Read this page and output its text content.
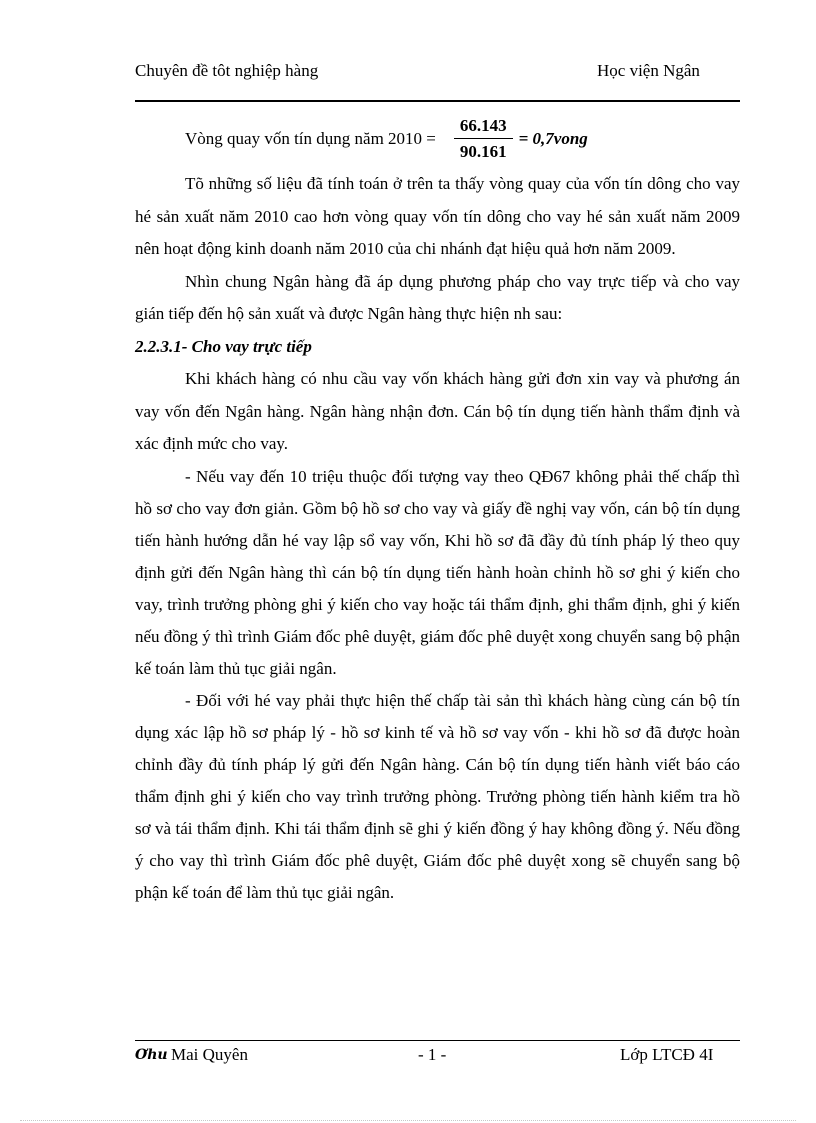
Chuyên đề tôt nghiệp hàng	Học viện Ngân
Vòng quay vốn tín dụng năm $2010 = \frac{66.143}{90.161}$ = 0,7vong

Tõ những số liệu đã tính toán ở trên ta thấy vòng quay của vốn tín dông cho vay hé sản xuất năm 2010 cao hơn vòng quay vốn tín dông cho vay hé sản xuất năm 2009 nên hoạt động kinh doanh năm 2010 của chi nhánh đạt hiệu quả hơn năm 2009.

Nhìn chung Ngân hàng đã áp dụng phương pháp cho vay trực tiếp và cho vay gián tiếp đến hộ sản xuất và được Ngân hàng thực hiện nh sau:

2.2.3.1- Cho vay trực tiếp

Khi khách hàng có nhu cầu vay vốn khách hàng gửi đơn xin vay và phương án vay vốn đến Ngân hàng. Ngân hàng nhận đơn. Cán bộ tín dụng tiến hành thẩm định và xác định mức cho vay.

- Nếu vay đến 10 triệu thuộc đối tượng vay theo QĐ67 không phải thế chấp thì hồ sơ cho vay đơn giản. Gồm bộ hồ sơ cho vay và giấy đề nghị vay vốn, cán bộ tín dụng tiến hành hướng dẫn hé vay lập sổ vay vốn, Khi hồ sơ đã đầy đủ tính pháp lý theo quy định gửi đến Ngân hàng thì cán bộ tín dụng tiến hành hoàn chỉnh hồ sơ ghi ý kiến cho vay, trình trưởng phòng ghi ý kiến cho vay hoặc tái thẩm định, ghi thẩm định, ghi ý kiến nếu đồng ý thì trình Giám đốc phê duyệt, giám đốc phê duyệt xong chuyển sang bộ phận kế toán làm thủ tục giải ngân.

- Đối với hé vay phải thực hiện thế chấp tài sản thì khách hàng cùng cán bộ tín dụng xác lập hồ sơ pháp lý - hồ sơ kinh tế và hồ sơ vay vốn - khi hồ sơ đã được hoàn chỉnh đầy đủ tính pháp lý gửi đến Ngân hàng. Cán bộ tín dụng tiến hành viết báo cáo thẩm định ghi ý kiến cho vay trình trưởng phòng. Trưởng phòng tiến hành kiểm tra hồ sơ và tái thẩm định. Khi tái thẩm định sẽ ghi ý kiến đồng ý hay không đồng ý. Nếu đồng ý cho vay thì trình Giám đốc phê duyệt, Giám đốc phê duyệt xong sẽ chuyển sang bộ phận kế toán để làm thủ tục giải ngân.

Ơhu Mai Quyên	- 1 -	Lớp LTCĐ 4I
